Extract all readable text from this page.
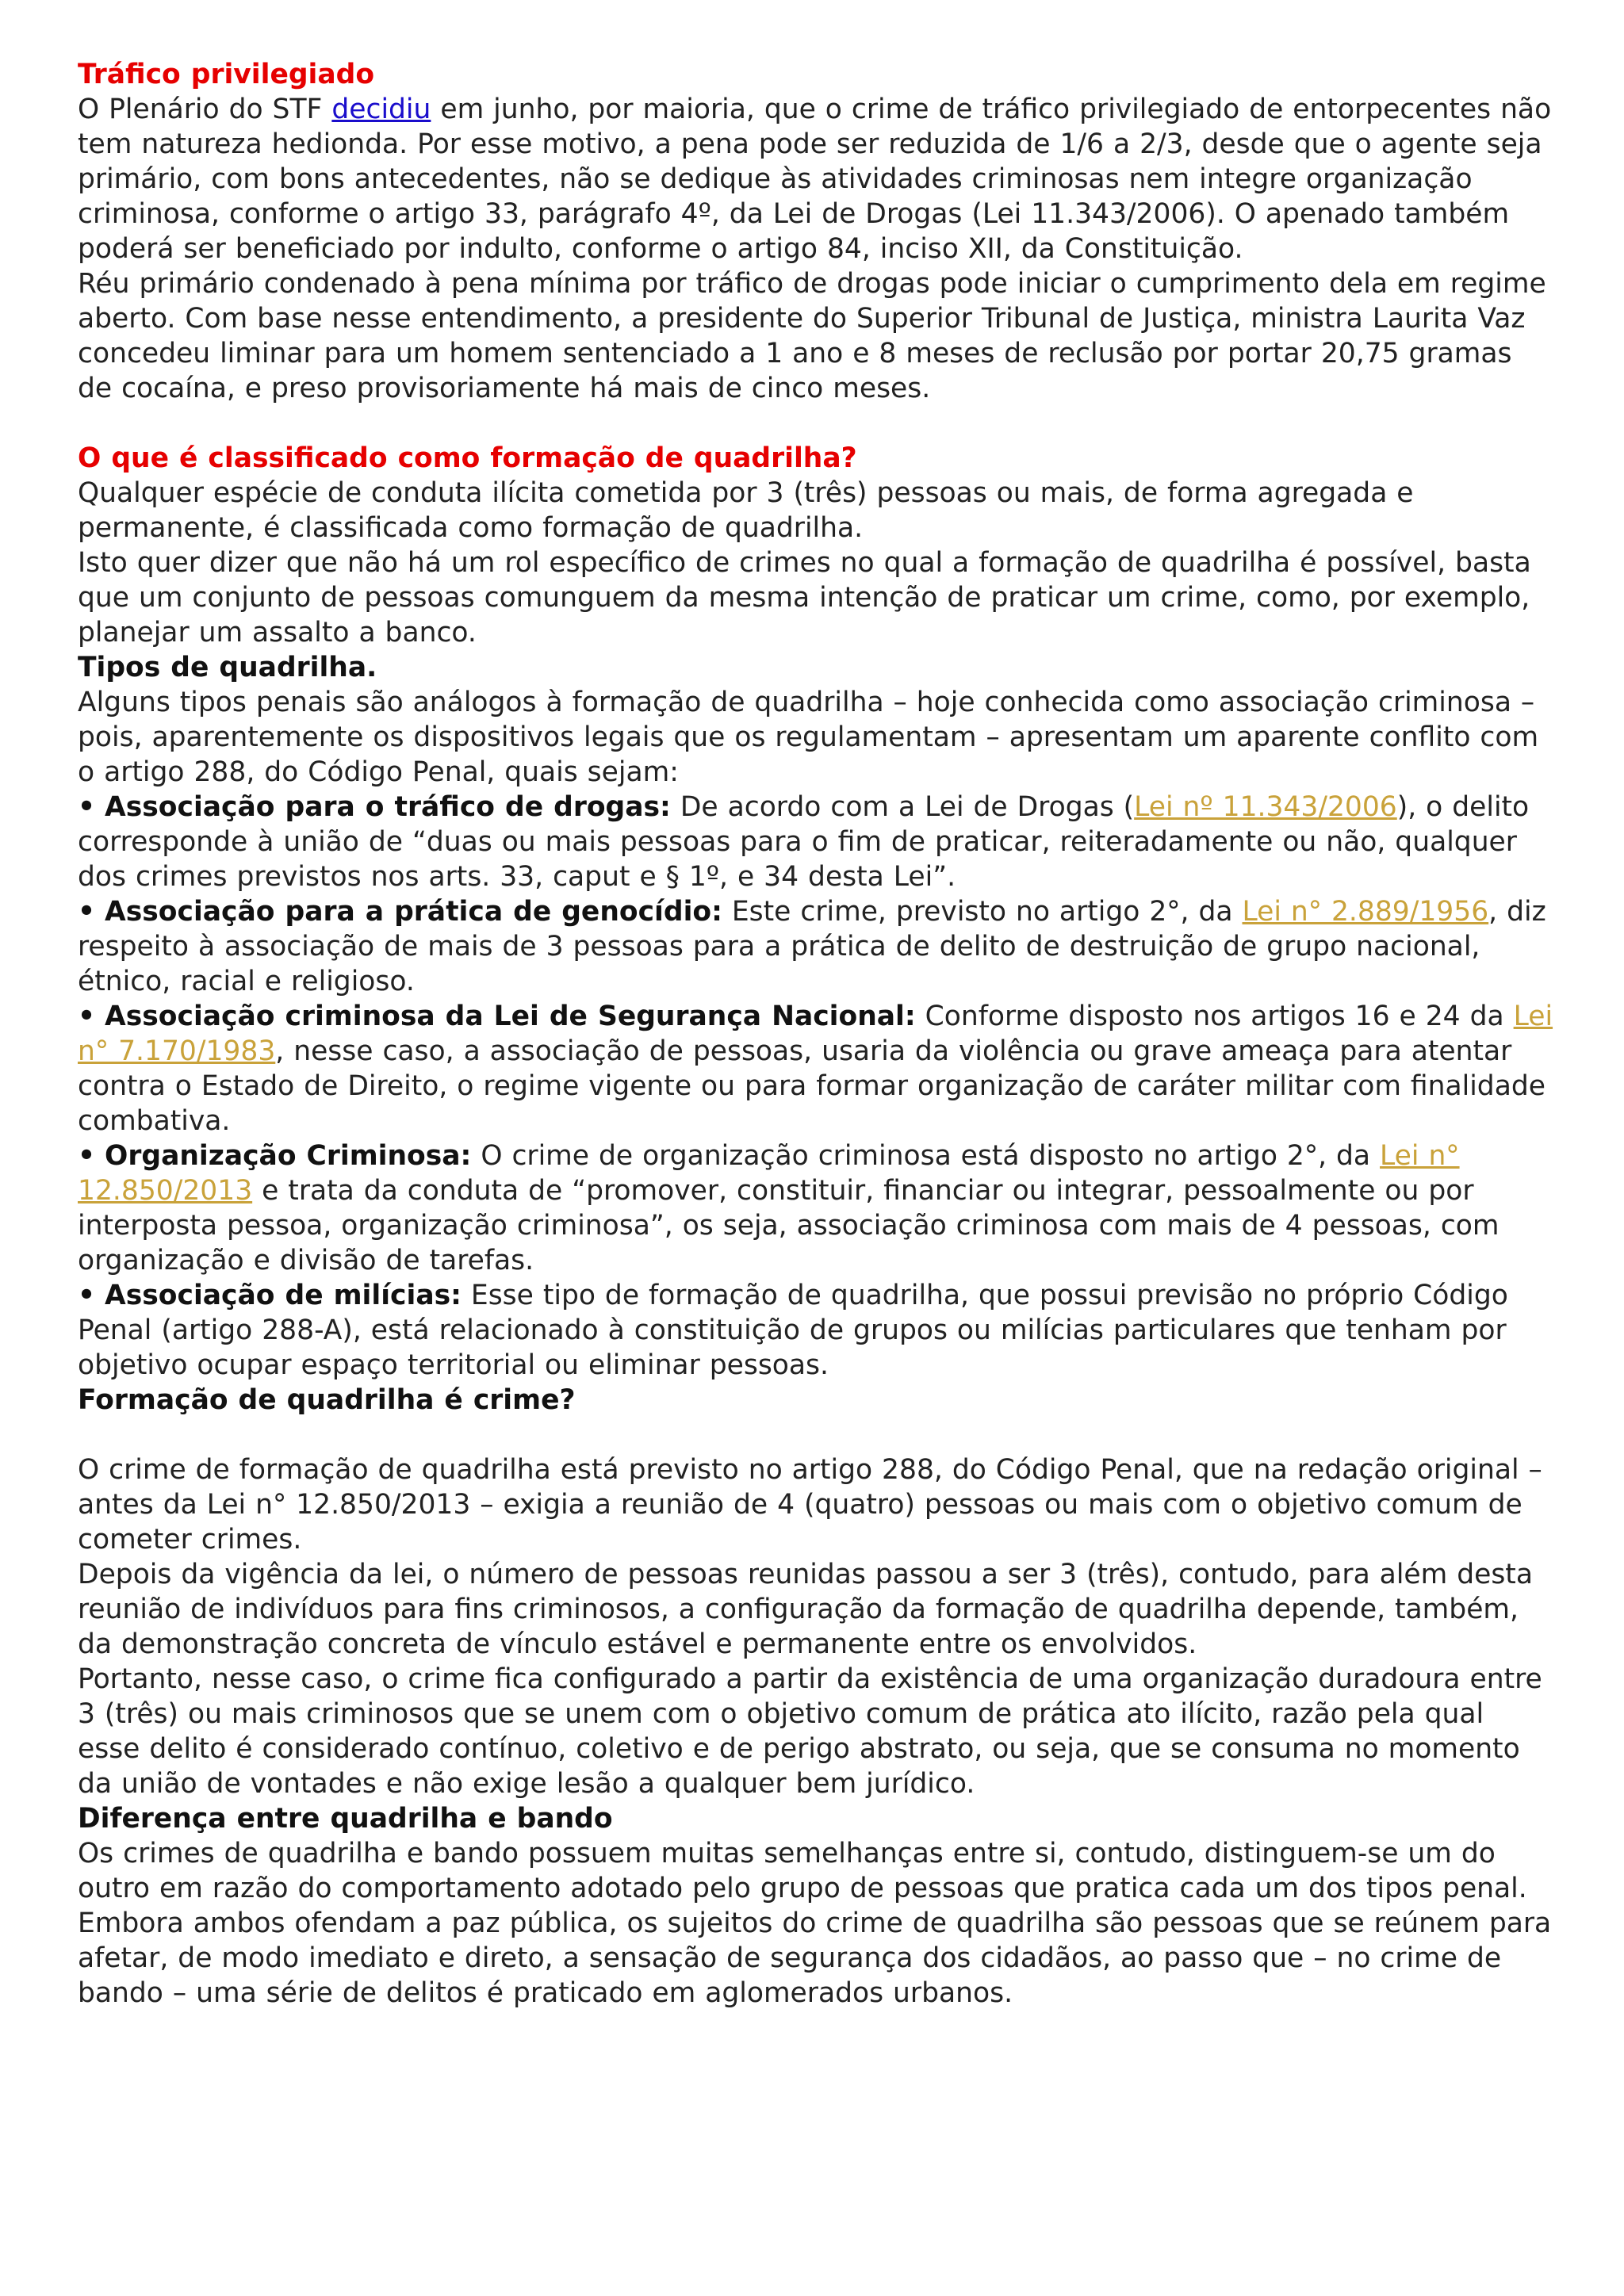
Tráfico privilegiado

O Plenário do STF decidiu em junho, por maioria, que o crime de tráfico privilegiado de entorpecentes não tem natureza hedionda. Por esse motivo, a pena pode ser reduzida de 1/6 a 2/3, desde que o agente seja primário, com bons antecedentes, não se dedique às atividades criminosas nem integre organização criminosa, conforme o artigo 33, parágrafo 4º, da Lei de Drogas (Lei 11.343/2006). O apenado também poderá ser beneficiado por indulto, conforme o artigo 84, inciso XII, da Constituição.

Réu primário condenado à pena mínima por tráfico de drogas pode iniciar o cumprimento dela em regime aberto. Com base nesse entendimento, a presidente do Superior Tribunal de Justiça, ministra Laurita Vaz concedeu liminar para um homem sentenciado a 1 ano e 8 meses de reclusão por portar 20,75 gramas de cocaína, e preso provisoriamente há mais de cinco meses.

O que é classificado como formação de quadrilha?

Qualquer espécie de conduta ilícita cometida por 3 (três) pessoas ou mais, de forma agregada e permanente, é classificada como formação de quadrilha.

Isto quer dizer que não há um rol específico de crimes no qual a formação de quadrilha é possível, basta que um conjunto de pessoas comunguem da mesma intenção de praticar um crime, como, por exemplo, planejar um assalto a banco.

Tipos de quadrilha.

Alguns tipos penais são análogos à formação de quadrilha – hoje conhecida como associação criminosa – pois, aparentemente os dispositivos legais que os regulamentam – apresentam um aparente conflito com o artigo 288, do Código Penal, quais sejam:

• Associação para o tráfico de drogas: De acordo com a Lei de Drogas (Lei nº 11.343/2006), o delito corresponde à união de “duas ou mais pessoas para o fim de praticar, reiteradamente ou não, qualquer dos crimes previstos nos arts. 33, caput e § 1º, e 34 desta Lei”.

• Associação para a prática de genocídio: Este crime, previsto no artigo 2°, da Lei n° 2.889/1956, diz respeito à associação de mais de 3 pessoas para a prática de delito de destruição de grupo nacional, étnico, racial e religioso.

• Associação criminosa da Lei de Segurança Nacional: Conforme disposto nos artigos 16 e 24 da Lei n° 7.170/1983, nesse caso, a associação de pessoas, usaria da violência ou grave ameaça para atentar contra o Estado de Direito, o regime vigente ou para formar organização de caráter militar com finalidade combativa.

• Organização Criminosa: O crime de organização criminosa está disposto no artigo 2°, da Lei n° 12.850/2013 e trata da conduta de “promover, constituir, financiar ou integrar, pessoalmente ou por interposta pessoa, organização criminosa”, os seja, associação criminosa com mais de 4 pessoas, com organização e divisão de tarefas.

• Associação de milícias: Esse tipo de formação de quadrilha, que possui previsão no próprio Código Penal (artigo 288-A), está relacionado à constituição de grupos ou milícias particulares que tenham por objetivo ocupar espaço territorial ou eliminar pessoas.

Formação de quadrilha é crime?

O crime de formação de quadrilha está previsto no artigo 288, do Código Penal, que na redação original – antes da Lei n° 12.850/2013 – exigia a reunião de 4 (quatro) pessoas ou mais com o objetivo comum de cometer crimes.

Depois da vigência da lei, o número de pessoas reunidas passou a ser 3 (três), contudo, para além desta reunião de indivíduos para fins criminosos, a configuração da formação de quadrilha depende, também, da demonstração concreta de vínculo estável e permanente entre os envolvidos.

Portanto, nesse caso, o crime fica configurado a partir da existência de uma organização duradoura entre 3 (três) ou mais criminosos que se unem com o objetivo comum de prática ato ilícito, razão pela qual esse delito é considerado contínuo, coletivo e de perigo abstrato, ou seja, que se consuma no momento da união de vontades e não exige lesão a qualquer bem jurídico.

Diferença entre quadrilha e bando

Os crimes de quadrilha e bando possuem muitas semelhanças entre si, contudo, distinguem-se um do outro em razão do comportamento adotado pelo grupo de pessoas que pratica cada um dos tipos penal.

Embora ambos ofendam a paz pública, os sujeitos do crime de quadrilha são pessoas que se reúnem para afetar, de modo imediato e direto, a sensação de segurança dos cidadãos, ao passo que – no crime de bando – uma série de delitos é praticado em aglomerados urbanos.
